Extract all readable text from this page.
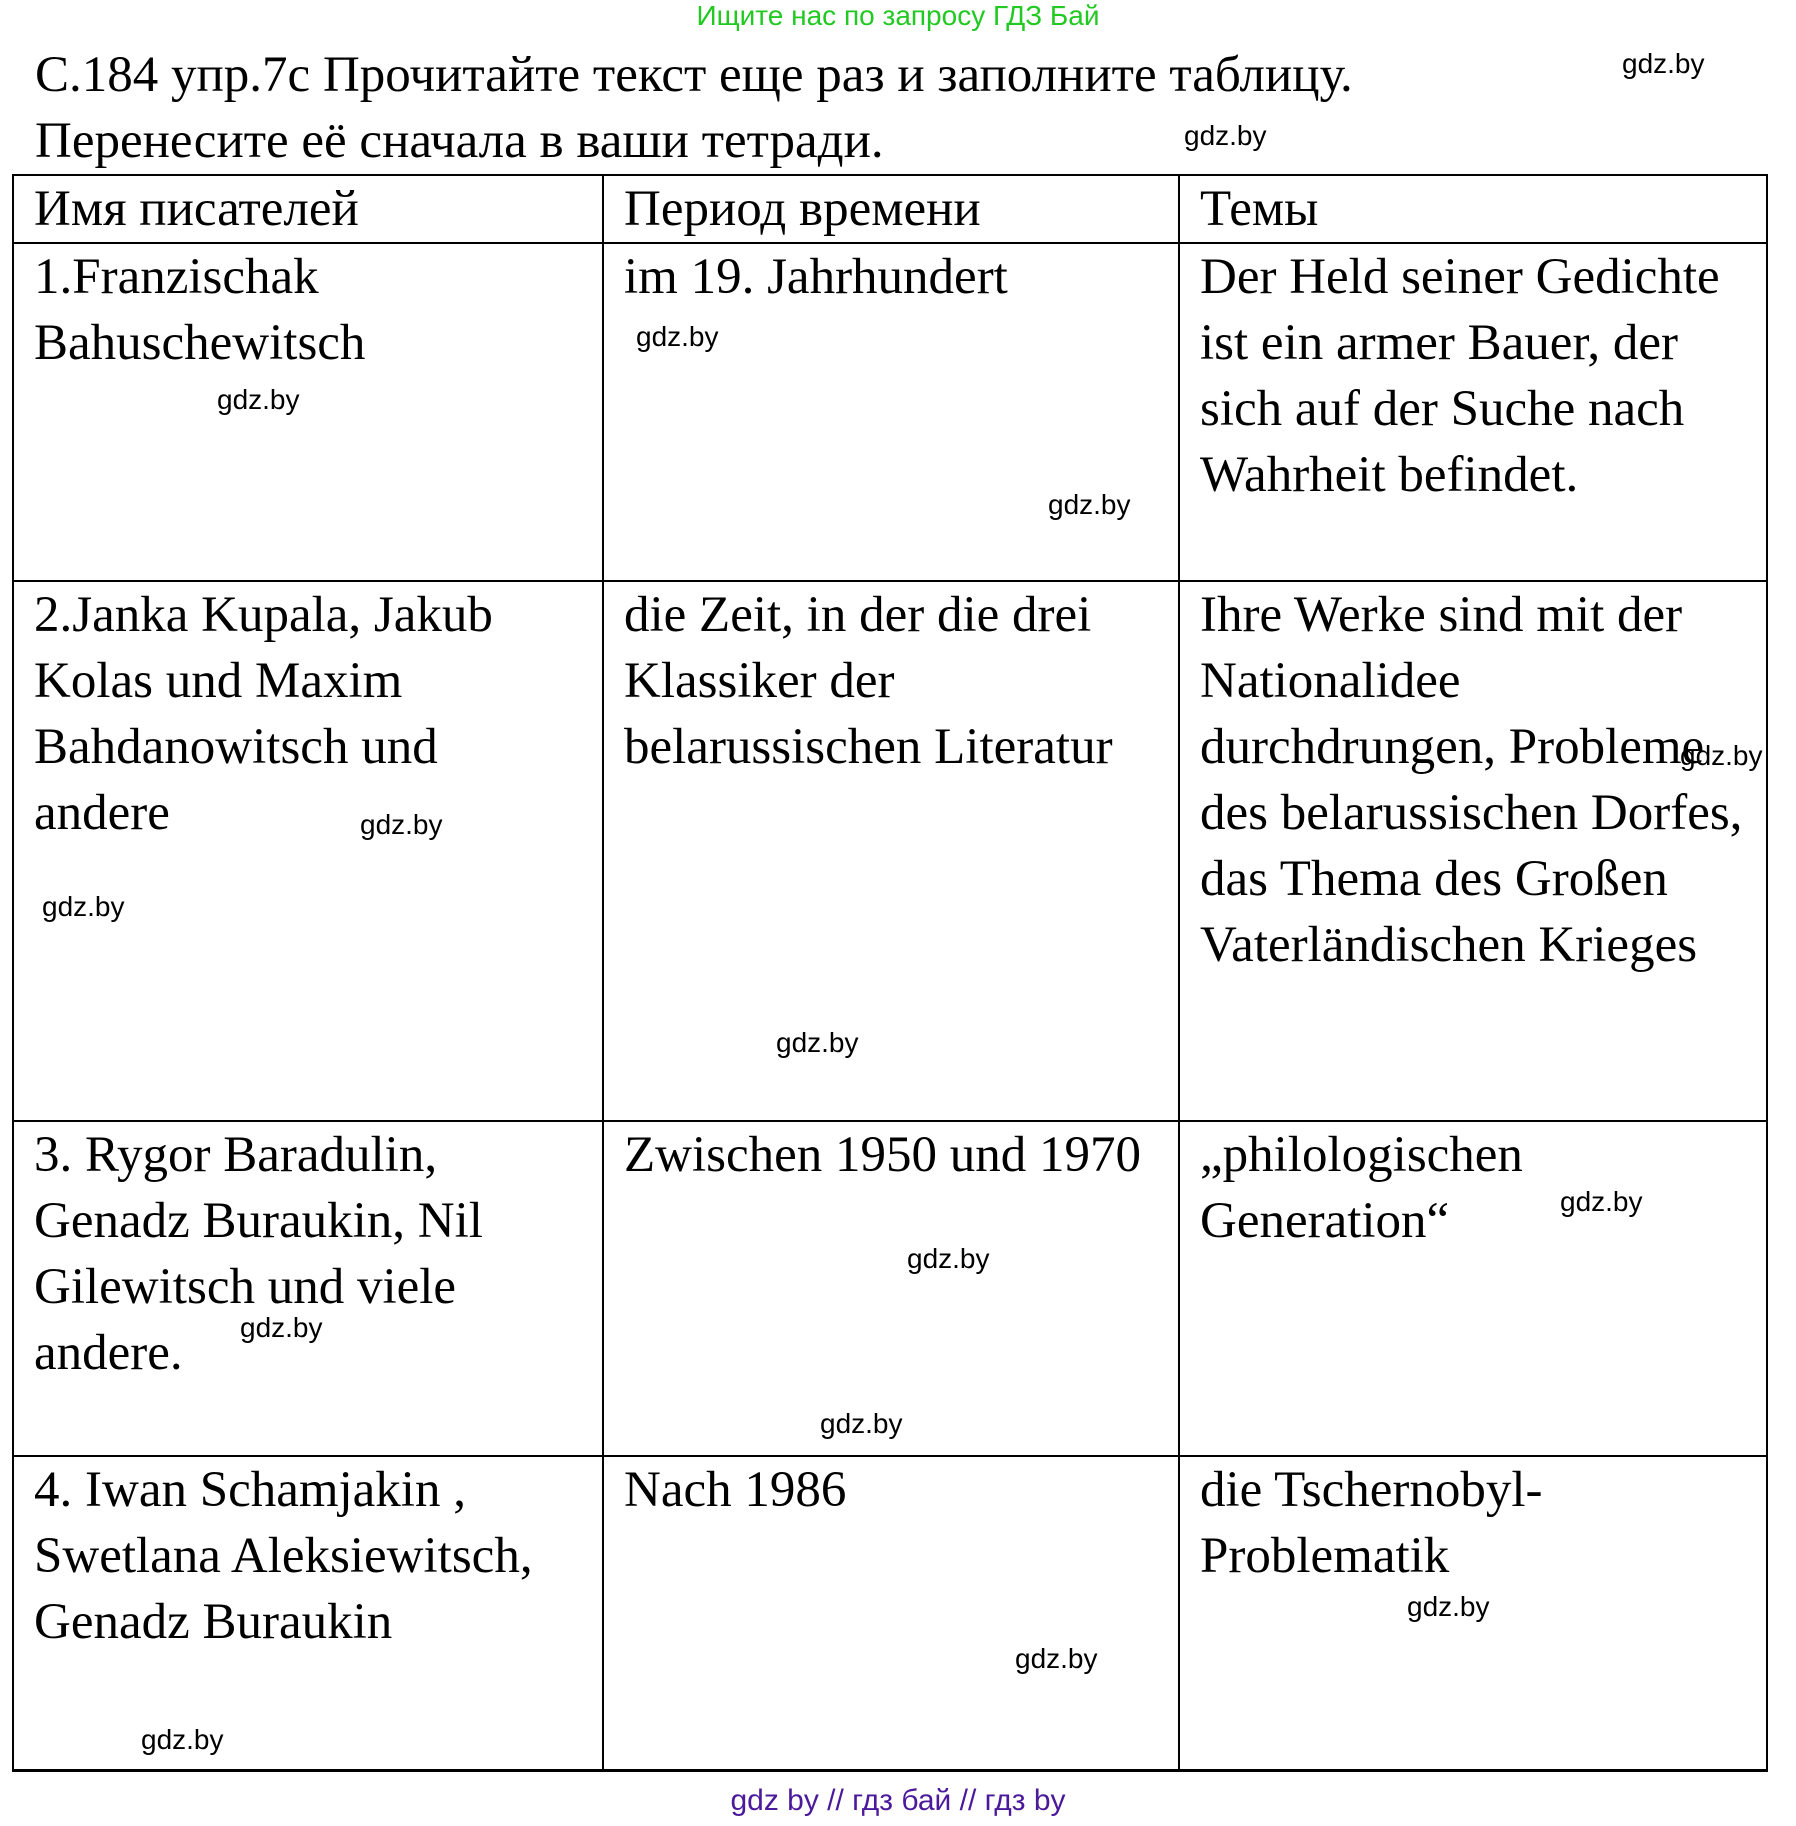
Ищите нас по запросу ГДЗ Бай
С.184 упр.7с Прочитайте текст еще раз и заполните таблицу.
Перенесите её сначала в ваши тетради.
Имя писателей	Период времени	Темы
1.Franzischak Bahuschewitsch	im 19. Jahrhundert	Der Held seiner Gedichte ist ein armer Bauer, der sich auf der Suche nach Wahrheit befindet.
2.Janka Kupala, Jakub Kolas und Maxim Bahdanowitsch und andere	die Zeit, in der die drei Klassiker der belarussischen Literatur	Ihre Werke sind mit der Nationalidee durchdrungen, Probleme des belarussischen Dorfes, das Thema des Großen Vaterländischen Krieges
3. Rygor Baradulin, Genadz Buraukin, Nil Gilewitsch und viele andere.	Zwischen 1950 und 1970	„philologischen Generation“
4. Iwan Schamjakin , Swetlana Aleksiewitsch, Genadz Buraukin	Nach 1986	die Tschernobyl-Problematik
gdz.by
gdz.by
gdz.by
gdz.by
gdz.by
gdz.by
gdz.by
gdz.by
gdz.by
gdz.by
gdz.by
gdz.by
gdz.by
gdz.by
gdz.by
gdz.by
gdz by // гдз бай // гдз by
